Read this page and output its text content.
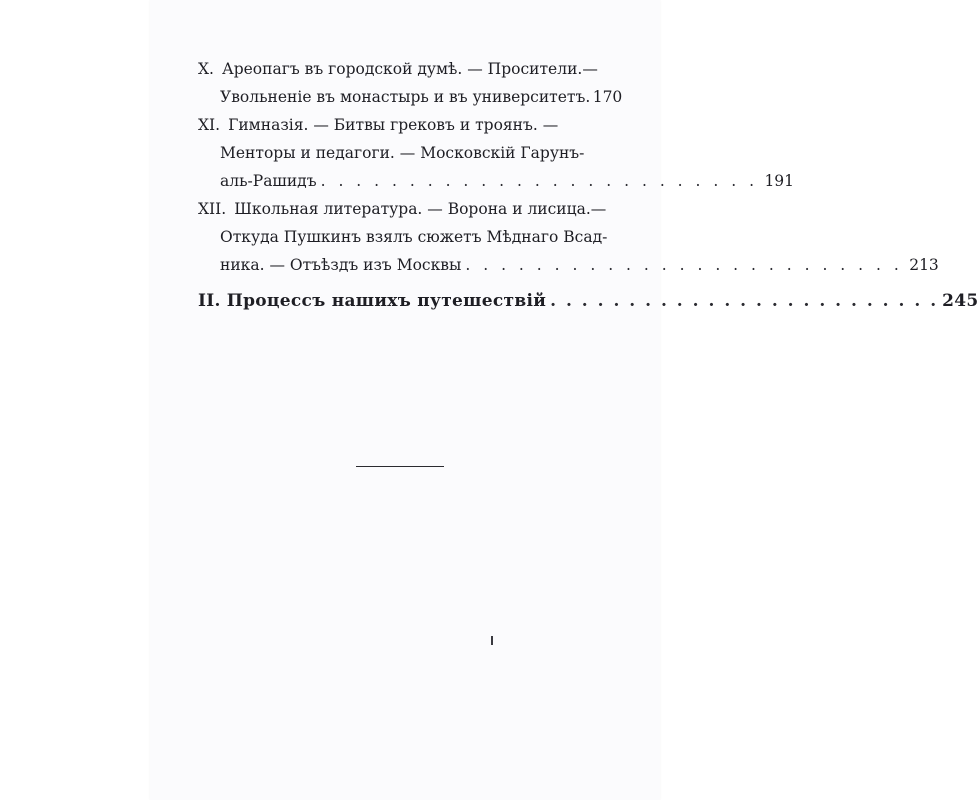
X. Ареопагъ въ городской думѣ. — Просители.—
Увольненіе въ монастырь и въ университетъ. 170
XI. Гимназія. — Битвы грековъ и троянъ. —
Менторы и педагоги. — Московскій Гарунъ-
аль-Рашидъ . . . . . . . . . . . . . . . . . . . . . . . . . 191
XII. Школьная литература. — Ворона и лисица.—
Откуда Пушкинъ взялъ сюжетъ Мѣднаго Всад-
ника. — Отъѣздъ изъ Москвы . . . . . . . . . . . . . . . . . . . . . . . . . 213
II. Процессъ нашихъ путешествій . . . . . . . . . . . . . . . . . . . . . . . . . 245
